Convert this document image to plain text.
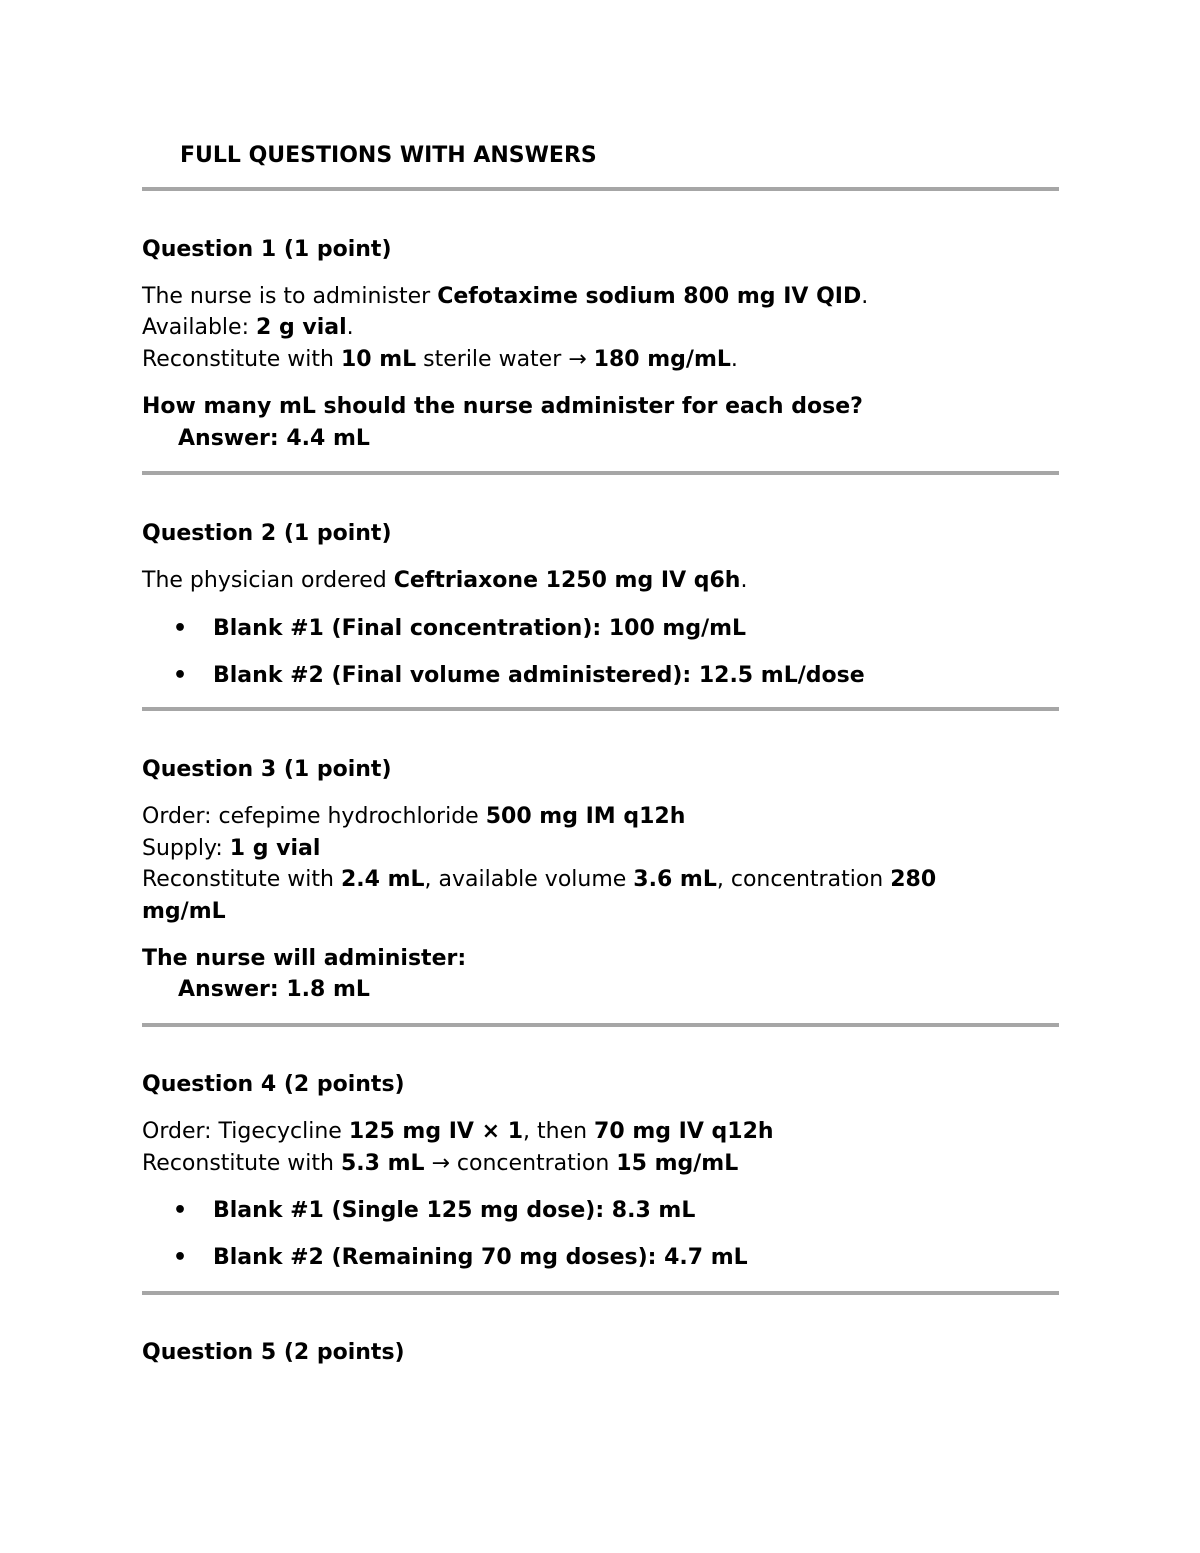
FULL QUESTIONS WITH ANSWERS
Question 1 (1 point)
The nurse is to administer Cefotaxime sodium 800 mg IV QID.
Available: 2 g vial.
Reconstitute with 10 mL sterile water → 180 mg/mL.
How many mL should the nurse administer for each dose?
Answer: 4.4 mL
Question 2 (1 point)
The physician ordered Ceftriaxone 1250 mg IV q6h.
• Blank #1 (Final concentration): 100 mg/mL
• Blank #2 (Final volume administered): 12.5 mL/dose
Question 3 (1 point)
Order: cefepime hydrochloride 500 mg IM q12h
Supply: 1 g vial
Reconstitute with 2.4 mL, available volume 3.6 mL, concentration 280
mg/mL
The nurse will administer:
Answer: 1.8 mL
Question 4 (2 points)
Order: Tigecycline 125 mg IV × 1, then 70 mg IV q12h
Reconstitute with 5.3 mL → concentration 15 mg/mL
• Blank #1 (Single 125 mg dose): 8.3 mL
• Blank #2 (Remaining 70 mg doses): 4.7 mL
Question 5 (2 points)
